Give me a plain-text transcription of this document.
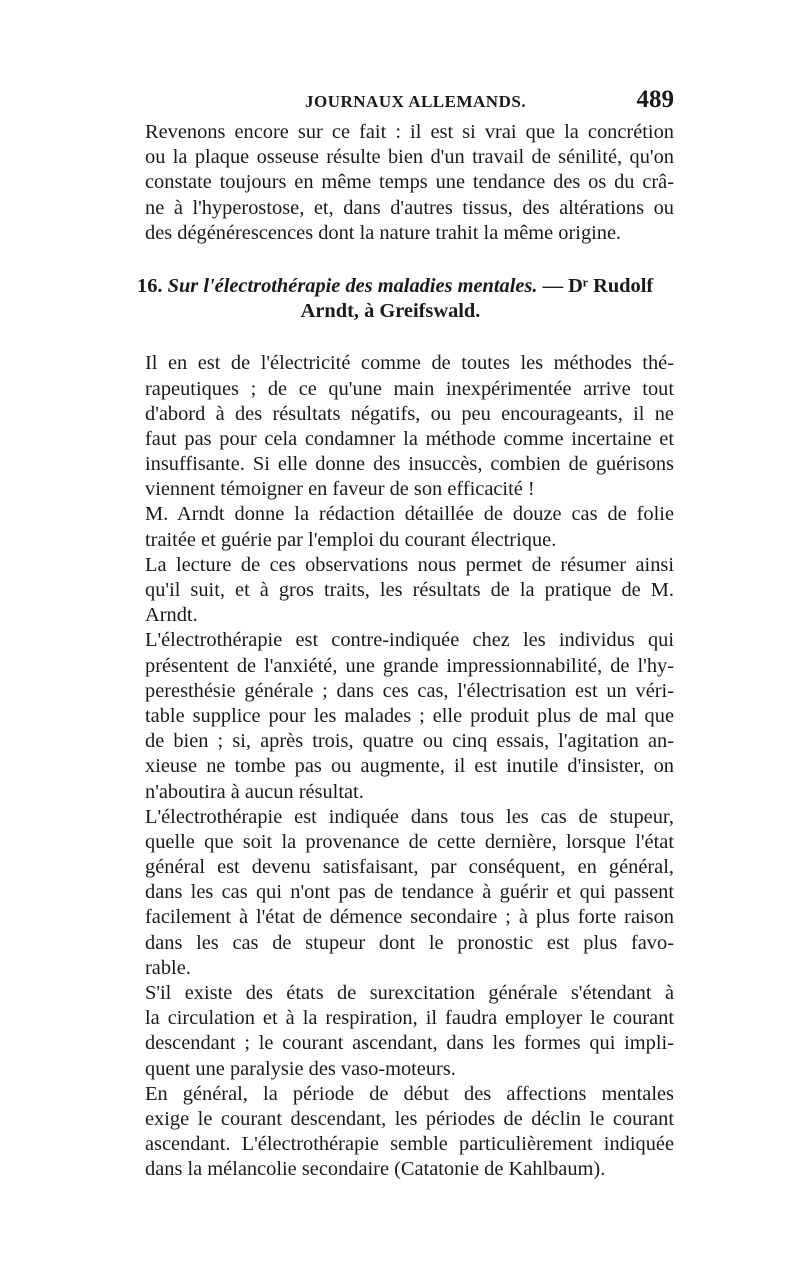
JOURNAUX ALLEMANDS.	489
Revenons encore sur ce fait : il est si vrai que la concrétion
ou la plaque osseuse résulte bien d'un travail de sénilité, qu'on
constate toujours en même temps une tendance des os du crâ-
ne à l'hyperostose, et, dans d'autres tissus, des altérations ou
des dégénérescences dont la nature trahit la même origine.
16. Sur l'électrothérapie des maladies mentales. — Dʳ Rudolf
Arndt, à Greifswald.
Il en est de l'électricité comme de toutes les méthodes thé-
rapeutiques ; de ce qu'une main inexpérimentée arrive tout
d'abord à des résultats négatifs, ou peu encourageants, il ne
faut pas pour cela condamner la méthode comme incertaine et
insuffisante. Si elle donne des insuccès, combien de guérisons
viennent témoigner en faveur de son efficacité !
M. Arndt donne la rédaction détaillée de douze cas de folie
traitée et guérie par l'emploi du courant électrique.
La lecture de ces observations nous permet de résumer ainsi
qu'il suit, et à gros traits, les résultats de la pratique de M.
Arndt.
L'électrothérapie est contre-indiquée chez les individus qui
présentent de l'anxiété, une grande impressionnabilité, de l'hy-
peresthésie générale ; dans ces cas, l'électrisation est un véri-
table supplice pour les malades ; elle produit plus de mal que
de bien ; si, après trois, quatre ou cinq essais, l'agitation an-
xieuse ne tombe pas ou augmente, il est inutile d'insister, on
n'aboutira à aucun résultat.
L'électrothérapie est indiquée dans tous les cas de stupeur,
quelle que soit la provenance de cette dernière, lorsque l'état
général est devenu satisfaisant, par conséquent, en général,
dans les cas qui n'ont pas de tendance à guérir et qui passent
facilement à l'état de démence secondaire ; à plus forte raison
dans les cas de stupeur dont le pronostic est plus favo-
rable.
S'il existe des états de surexcitation générale s'étendant à
la circulation et à la respiration, il faudra employer le courant
descendant ; le courant ascendant, dans les formes qui impli-
quent une paralysie des vaso-moteurs.
En général, la période de début des affections mentales
exige le courant descendant, les périodes de déclin le courant
ascendant. L'électrothérapie semble particulièrement indiquée
dans la mélancolie secondaire (Catatonie de Kahlbaum).
